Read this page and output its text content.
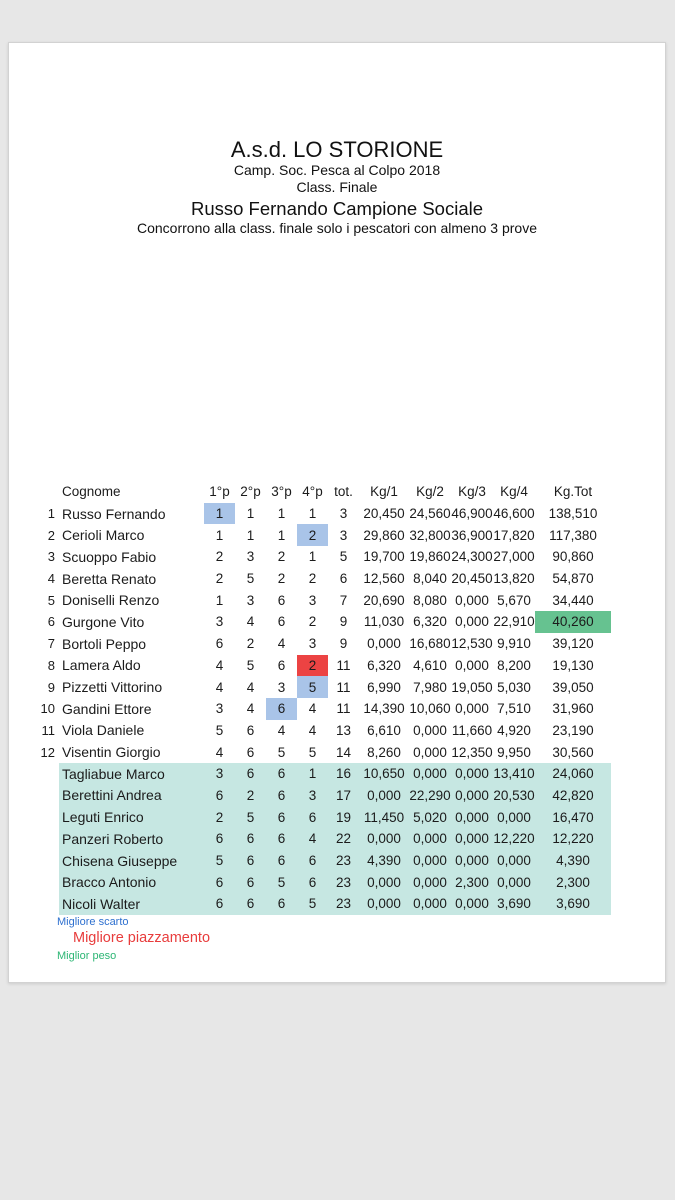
A.s.d. LO STORIONE
Camp. Soc. Pesca al Colpo 2018
Class. Finale
Russo Fernando Campione Sociale
Concorrono alla class. finale solo i pescatori con almeno 3 prove
Cognome	1°p 2°p 3°p 4°p tot.	Kg/1	Kg/2	Kg/3	Kg/4	Kg.Tot
1 Russo Fernando	1	1	1	1	3	20,450 24,560 46,900 46,600	138,510
2 Cerioli Marco	1	1	1	2	3	29,860 32,800 36,900 17,820	117,380
3 Scuoppo Fabio	2	3	2	1	5	19,700 19,860 24,300 27,000	90,860
4 Beretta Renato	2	5	2	2	6	12,560 8,040 20,450 13,820	54,870
5 Doniselli Renzo	1	3	6	3	7	20,690 8,080 0,000 5,670	34,440
6 Gurgone Vito	3	4	6	2	9	11,030 6,320 0,000 22,910	40,260
7 Bortoli Peppo	6	2	4	3	9	0,000 16,680 12,530 9,910	39,120
8 Lamera Aldo	4	5	6	2	11	6,320 4,610 0,000 8,200	19,130
9 Pizzetti Vittorino	4	4	3	5	11	6,990 7,980 19,050 5,030	39,050
10 Gandini Ettore	3	4	6	4	11 14,390 10,060 0,000 7,510	31,960
11 Viola Daniele	5	6	4	4	13	6,610 0,000 11,660 4,920	23,190
12 Visentin Giorgio	4	6	5	5	14	8,260 0,000 12,350 9,950	30,560
Tagliabue Marco	3	6	6	1	16 10,650 0,000 0,000 13,410	24,060
Berettini Andrea	6	2	6	3	17	0,000 22,290 0,000 20,530	42,820
Leguti Enrico	2	5	6	6	19 11,450 5,020 0,000 0,000	16,470
Panzeri Roberto	6	6	6	4	22	0,000 0,000 0,000 12,220	12,220
Chisena Giuseppe	5	6	6	6	23	4,390 0,000 0,000 0,000	4,390
Bracco Antonio	6	6	5	6	23	0,000 0,000 2,300 0,000	2,300
Nicoli Walter	6	6	6	5	23	0,000 0,000 0,000 3,690	3,690
Migliore scarto
Migliore piazzamento
Miglior peso
